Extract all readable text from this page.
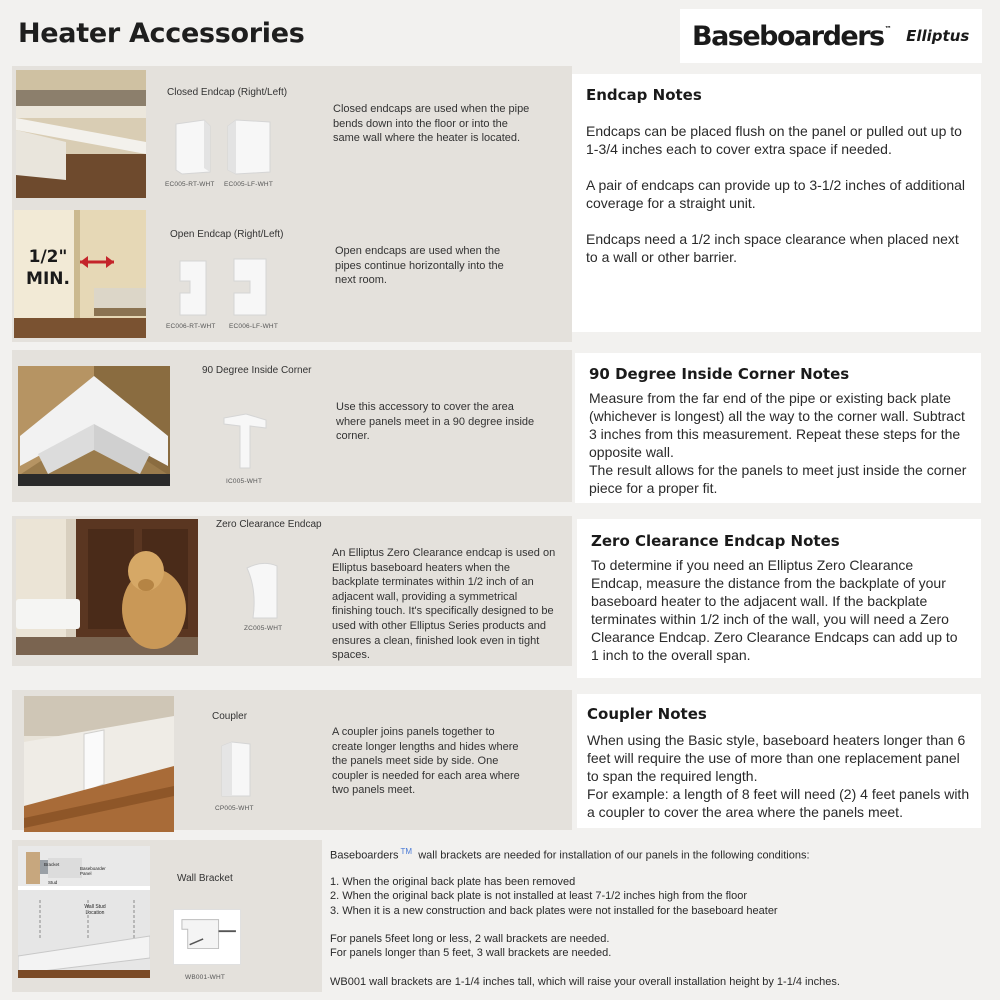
Heater Accessories	Baseboarders™ Elliptus
Closed Endcap (Right/Left)
EC005-RT-WHT EC005-LF-WHT
Closed endcaps are used when the pipe bends down into the floor or into the same wall where the heater is located.
1/2" MIN.
Open Endcap (Right/Left)
EC006-RT-WHT EC006-LF-WHT
Open endcaps are used when the pipes continue horizontally into the next room.
Endcap Notes

Endcaps can be placed flush on the panel or pulled out up to 1-3/4 inches each to cover extra space if needed.

A pair of endcaps can provide up to 3-1/2 inches of additional coverage for a straight unit.

Endcaps need a 1/2 inch space clearance when placed next to a wall or other barrier.

90 Degree Inside Corner
IC005-WHT
Use this accessory to cover the area where panels meet in a 90 degree inside corner.
90 Degree Inside Corner Notes

Measure from the far end of the pipe or existing back plate (whichever is longest) all the way to the corner wall. Subtract 3 inches from this measurement. Repeat these steps for the opposite wall.

The result allows for the panels to meet just inside the corner piece for a proper fit.

Zero Clearance Endcap
ZC005-WHT
An Elliptus Zero Clearance endcap is used on Elliptus baseboard heaters when the backplate terminates within 1/2 inch of an adjacent wall, providing a symmetrical finishing touch. It's specifically designed to be used with other Elliptus Series products and ensures a clean, finished look even in tight spaces.
Zero Clearance Endcap Notes

To determine if you need an Elliptus Zero Clearance Endcap, measure the distance from the backplate of your baseboard heater to the adjacent wall. If the backplate terminates within 1/2 inch of the wall, you will need a Zero Clearance Endcap. Zero Clearance Endcaps can add up to 1 inch to the overall span.

Coupler
CP005-WHT
A coupler joins panels together to create longer lengths and hides where the panels meet side by side. One coupler is needed for each area where two panels meet.
Coupler Notes

When using the Basic style, baseboard heaters longer than 6 feet will require the use of more than one replacement panel to span the required length.

For example: a length of 8 feet will need (2) 4 feet panels with a coupler to cover the area where the panels meet.

Bracket
Baseboarder Panel
Stud
Wall Stud Location
Wall Bracket
WB001-WHT
Baseboarders ™ wall brackets are needed for installation of our panels in the following conditions:
1. When the original back plate has been removed
2. When the original back plate is not installed at least 7-1/2 inches high from the floor
3. When it is a new construction and back plates were not installed for the baseboard heater
For panels 5feet long or less, 2 wall brackets are needed.
For panels longer than 5 feet, 3 wall brackets are needed.
WB001 wall brackets are 1-1/4 inches tall, which will raise your overall installation height by 1-1/4 inches.
